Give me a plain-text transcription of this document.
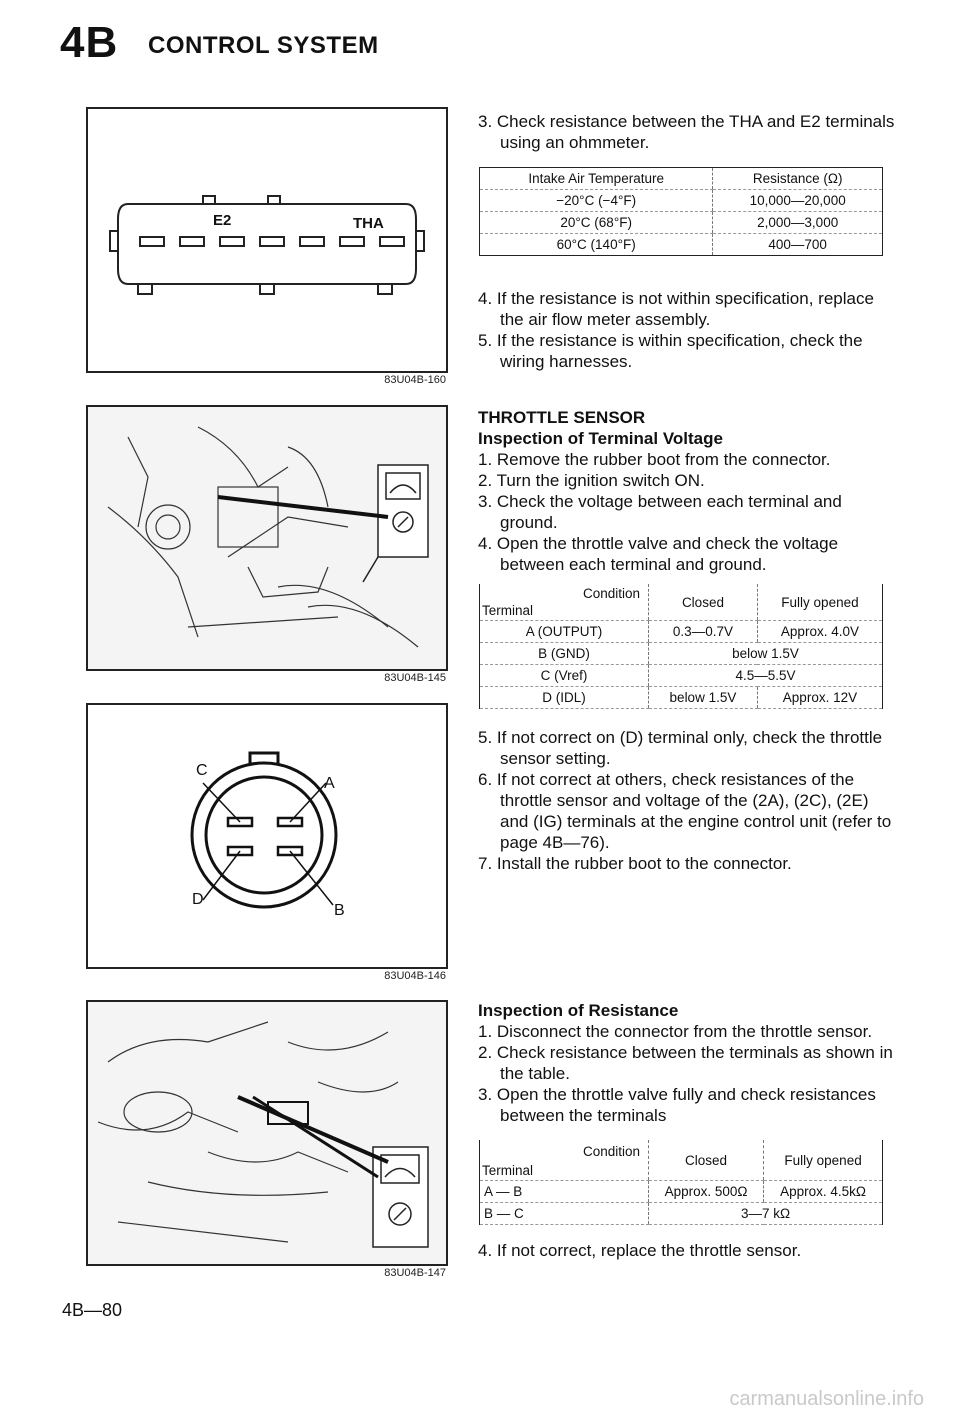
4B CONTROL SYSTEM
E2	THA
83U04B-160
83U04B-145
C
A
D
B
83U04B-146
83U04B-147

3. Check resistance between the THA and E2 terminals using an ohmmeter.

Intake Air Temperature	Resistance (Ω)
−20°C (−4°F)	10,000—20,000
20°C (68°F)	2,000—3,000
60°C (140°F)	400—700

4. If the resistance is not within specification, replace the air flow meter assembly.

5. If the resistance is within specification, check the wiring harnesses.

THROTTLE SENSOR
Inspection of Terminal Voltage

1. Remove the rubber boot from the connector.

2. Turn the ignition switch ON.

3. Check the voltage between each terminal and ground.

4. Open the throttle valve and check the voltage between each terminal and ground.

Condition
Terminal	Closed	Fully opened
A (OUTPUT)	0.3—0.7V	Approx. 4.0V
B (GND)	below 1.5V	
C (Vref)	4.5—5.5V	
D (IDL)	below 1.5V	Approx. 12V

5. If not correct on (D) terminal only, check the throttle sensor setting.

6. If not correct at others, check resistances of the throttle sensor and voltage of the (2A), (2C), (2E) and (IG) terminals at the engine control unit (refer to page 4B—76).

7. Install the rubber boot to the connector.

Inspection of Resistance

1. Disconnect the connector from the throttle sensor.

2. Check resistance between the terminals as shown in the table.

3. Open the throttle valve fully and check resistances between the terminals

Condition
Terminal	Closed	Fully opened
A — B	Approx. 500Ω	Approx. 4.5kΩ
B — C	3—7 kΩ	

4. If not correct, replace the throttle sensor.

4B—80
carmanualsonline.info
